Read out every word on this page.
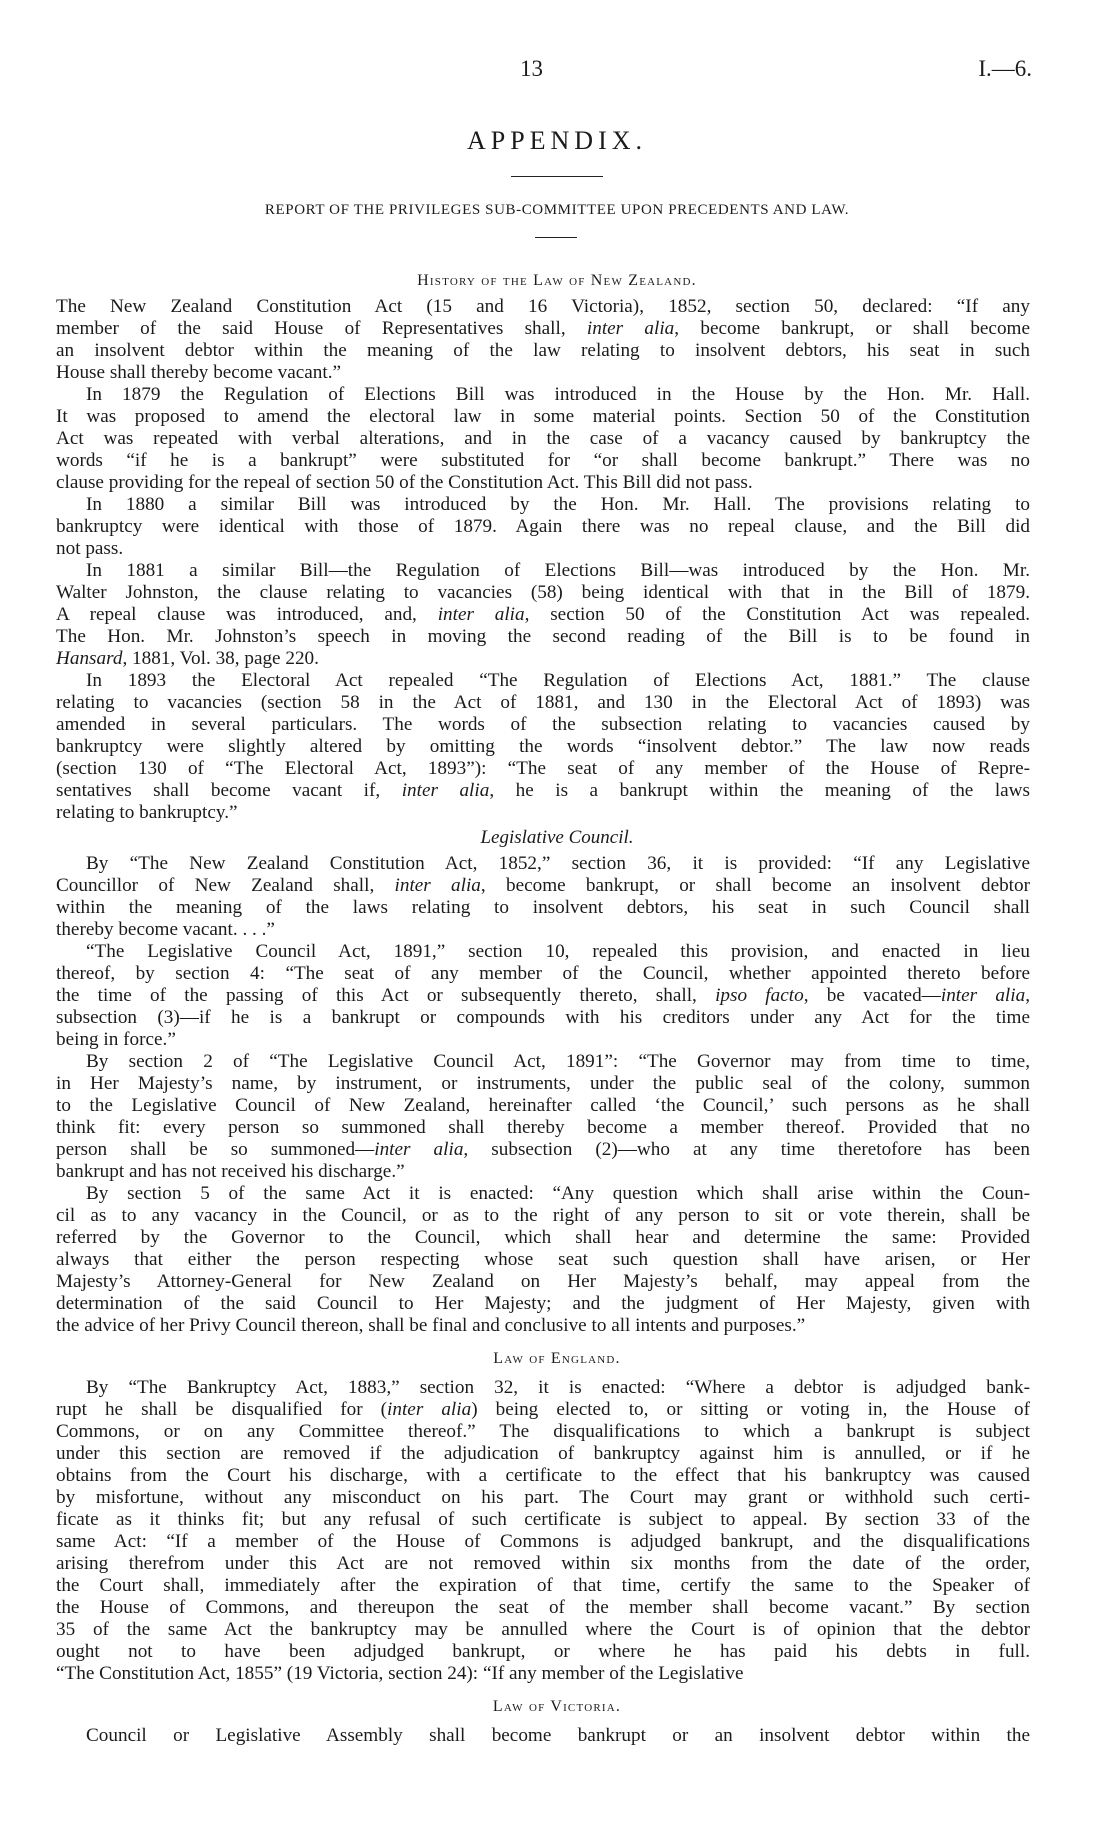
13	I.—6.
APPENDIX.
REPORT OF THE PRIVILEGES SUB-COMMITTEE UPON PRECEDENTS AND LAW.
History of the Law of New Zealand.
The New Zealand Constitution Act (15 and 16 Victoria), 1852, section 50, declared: “If any
member of the said House of Representatives shall, inter alia, become bankrupt, or shall become
an insolvent debtor within the meaning of the law relating to insolvent debtors, his seat in such
House shall thereby become vacant.”
In 1879 the Regulation of Elections Bill was introduced in the House by the Hon. Mr. Hall.
It was proposed to amend the electoral law in some material points. Section 50 of the Constitution
Act was repeated with verbal alterations, and in the case of a vacancy caused by bankruptcy the
words “if he is a bankrupt” were substituted for “or shall become bankrupt.” There was no
clause providing for the repeal of section 50 of the Constitution Act. This Bill did not pass.
In 1880 a similar Bill was introduced by the Hon. Mr. Hall. The provisions relating to
bankruptcy were identical with those of 1879. Again there was no repeal clause, and the Bill did
not pass.
In 1881 a similar Bill—the Regulation of Elections Bill—was introduced by the Hon. Mr.
Walter Johnston, the clause relating to vacancies (58) being identical with that in the Bill of 1879.
A repeal clause was introduced, and, inter alia, section 50 of the Constitution Act was repealed.
The Hon. Mr. Johnston’s speech in moving the second reading of the Bill is to be found in
Hansard, 1881, Vol. 38, page 220.
In 1893 the Electoral Act repealed “The Regulation of Elections Act, 1881.” The clause
relating to vacancies (section 58 in the Act of 1881, and 130 in the Electoral Act of 1893) was
amended in several particulars. The words of the subsection relating to vacancies caused by
bankruptcy were slightly altered by omitting the words “insolvent debtor.” The law now reads
(section 130 of “The Electoral Act, 1893”): “The seat of any member of the House of Repre-
sentatives shall become vacant if, inter alia, he is a bankrupt within the meaning of the laws
relating to bankruptcy.”
Legislative Council.
By “The New Zealand Constitution Act, 1852,” section 36, it is provided: “If any Legislative
Councillor of New Zealand shall, inter alia, become bankrupt, or shall become an insolvent debtor
within the meaning of the laws relating to insolvent debtors, his seat in such Council shall
thereby become vacant. . . .”
“The Legislative Council Act, 1891,” section 10, repealed this provision, and enacted in lieu
thereof, by section 4: “The seat of any member of the Council, whether appointed thereto before
the time of the passing of this Act or subsequently thereto, shall, ipso facto, be vacated—inter alia,
subsection (3)—if he is a bankrupt or compounds with his creditors under any Act for the time
being in force.”
By section 2 of “The Legislative Council Act, 1891”: “The Governor may from time to time,
in Her Majesty’s name, by instrument, or instruments, under the public seal of the colony, summon
to the Legislative Council of New Zealand, hereinafter called ‘the Council,’ such persons as he shall
think fit: every person so summoned shall thereby become a member thereof. Provided that no
person shall be so summoned—inter alia, subsection (2)—who at any time theretofore has been
bankrupt and has not received his discharge.”
By section 5 of the same Act it is enacted: “Any question which shall arise within the Coun-
cil as to any vacancy in the Council, or as to the right of any person to sit or vote therein, shall be
referred by the Governor to the Council, which shall hear and determine the same: Provided
always that either the person respecting whose seat such question shall have arisen, or Her
Majesty’s Attorney-General for New Zealand on Her Majesty’s behalf, may appeal from the
determination of the said Council to Her Majesty; and the judgment of Her Majesty, given with
the advice of her Privy Council thereon, shall be final and conclusive to all intents and purposes.”
Law of England.
By “The Bankruptcy Act, 1883,” section 32, it is enacted: “Where a debtor is adjudged bank-
rupt he shall be disqualified for (inter alia) being elected to, or sitting or voting in, the House of
Commons, or on any Committee thereof.” The disqualifications to which a bankrupt is subject
under this section are removed if the adjudication of bankruptcy against him is annulled, or if he
obtains from the Court his discharge, with a certificate to the effect that his bankruptcy was caused
by misfortune, without any misconduct on his part. The Court may grant or withhold such certi-
ficate as it thinks fit; but any refusal of such certificate is subject to appeal. By section 33 of the
same Act: “If a member of the House of Commons is adjudged bankrupt, and the disqualifications
arising therefrom under this Act are not removed within six months from the date of the order,
the Court shall, immediately after the expiration of that time, certify the same to the Speaker of
the House of Commons, and thereupon the seat of the member shall become vacant.” By section
35 of the same Act the bankruptcy may be annulled where the Court is of opinion that the debtor
ought not to have been adjudged bankrupt, or where he has paid his debts in full.
“The Constitution Act, 1855” (19 Victoria, section 24): “If any member of the Legislative
Law of Victoria.
Council or Legislative Assembly shall become bankrupt or an insolvent debtor within the
